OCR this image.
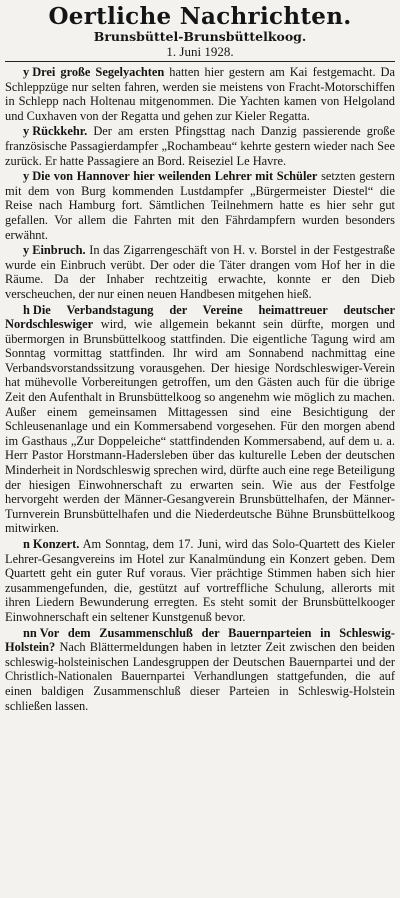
Oertliche Nachrichten.
Brunsbüttel-Brunsbüttelkoog.
1. Juni 1928.

y Drei große Segelyachten hatten hier gestern am Kai festgemacht. Da Schleppzüge nur selten fahren, werden sie meistens von Fracht-Motorschiffen in Schlepp nach Holtenau mitgenommen. Die Yachten kamen von Helgoland und Cuxhaven von der Regatta und gehen zur Kieler Regatta.

y Rückkehr. Der am ersten Pfingsttag nach Danzig passierende große französische Passagierdampfer „Rochambeau“ kehrte gestern wieder nach See zurück. Er hatte Passagiere an Bord. Reiseziel Le Havre.

y Die von Hannover hier weilenden Lehrer mit Schüler setzten gestern mit dem von Burg kommenden Lustdampfer „Bürgermeister Diestel“ die Reise nach Hamburg fort. Sämtlichen Teilnehmern hatte es hier sehr gut gefallen. Vor allem die Fahrten mit den Fährdampfern wurden besonders erwähnt.

y Einbruch. In das Zigarrengeschäft von H. v. Borstel in der Festgestraße wurde ein Einbruch verübt. Der oder die Täter drangen vom Hof her in die Räume. Da der Inhaber rechtzeitig erwachte, konnte er den Dieb verscheuchen, der nur einen neuen Handbesen mitgehen hieß.

h Die Verbandstagung der Vereine heimattreuer deutscher Nordschleswiger wird, wie allgemein bekannt sein dürfte, morgen und übermorgen in Brunsbüttelkoog stattfinden. Die eigentliche Tagung wird am Sonntag vormittag stattfinden. Ihr wird am Sonnabend nachmittag eine Verbandsvorstandssitzung vorausgehen. Der hiesige Nordschleswiger-Verein hat mühevolle Vorbereitungen getroffen, um den Gästen auch für die übrige Zeit den Aufenthalt in Brunsbüttelkoog so angenehm wie möglich zu machen. Außer einem gemeinsamen Mittagessen sind eine Besichtigung der Schleusenanlage und ein Kommersabend vorgesehen. Für den morgen abend im Gasthaus „Zur Doppeleiche“ stattfindenden Kommersabend, auf dem u. a. Herr Pastor Horstmann-Hadersleben über das kulturelle Leben der deutschen Minderheit in Nordschleswig sprechen wird, dürfte auch eine rege Beteiligung der hiesigen Einwohnerschaft zu erwarten sein. Wie aus der Festfolge hervorgeht werden der Männer-Gesangverein Brunsbüttelhafen, der Männer-Turnverein Brunsbüttelhafen und die Niederdeutsche Bühne Brunsbüttelkoog mitwirken.

n Konzert. Am Sonntag, dem 17. Juni, wird das Solo-Quartett des Kieler Lehrer-Gesangvereins im Hotel zur Kanalmündung ein Konzert geben. Dem Quartett geht ein guter Ruf voraus. Vier prächtige Stimmen haben sich hier zusammengefunden, die, gestützt auf vortreffliche Schulung, allerorts mit ihren Liedern Bewunderung erregten. Es steht somit der Brunsbüttelkooger Einwohnerschaft ein seltener Kunstgenuß bevor.

nn Vor dem Zusammenschluß der Bauernparteien in Schleswig-Holstein? Nach Blättermeldungen haben in letzter Zeit zwischen den beiden schleswig-holsteinischen Landesgruppen der Deutschen Bauernpartei und der Christlich-Nationalen Bauernpartei Verhandlungen stattgefunden, die auf einen baldigen Zusammenschluß dieser Parteien in Schleswig-Holstein schließen lassen.
